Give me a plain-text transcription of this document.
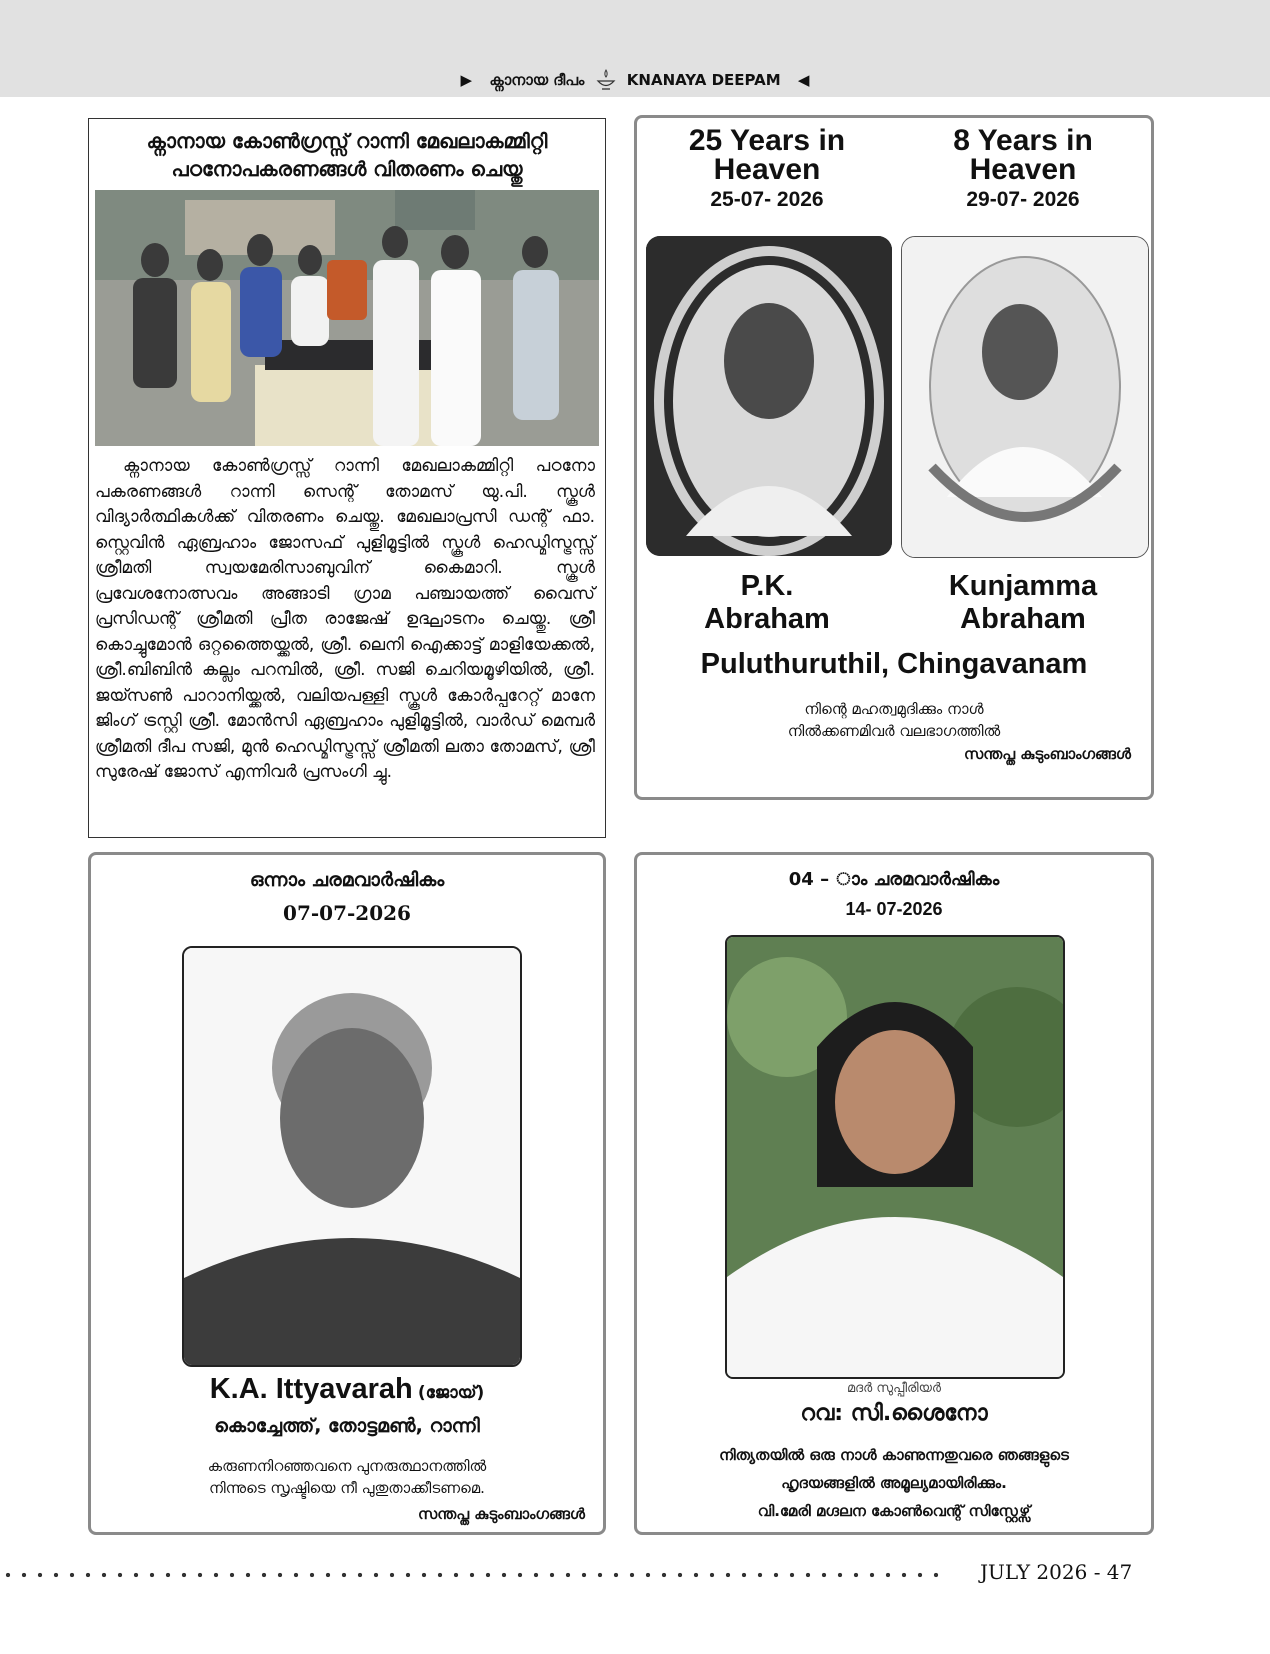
▶ ക്നാനായ ദീപം	KNANAYA DEEPAM ◀
ക്നാനായ കോൺഗ്രസ്സ് റാന്നി മേഖലാകമ്മിറ്റി
പഠനോപകരണങ്ങൾ വിതരണം ചെയ്തു

ക്നാനായ കോൺഗ്രസ്സ് റാന്നി മേഖലാകമ്മിറ്റി പഠനോ പകരണങ്ങൾ റാന്നി സെന്റ് തോമസ് യു.പി. സ്കൂൾ വിദ്യാർത്ഥികൾക്ക് വിതരണം ചെയ്തു. മേഖലാപ്രസി ഡന്റ് ഫാ. സ്റ്റെവിൻ ഏബ്രഹാം ജോസഫ് പുളിമൂട്ടിൽ സ്കൂൾ ഹെഡ്മിസ്ട്രസ്സ് ശ്രീമതി സ്വയമേരിസാബുവിന് കൈമാറി. സ്കൂൾ പ്രവേശനോത്സവം അങ്ങാടി ഗ്രാമ പഞ്ചായത്ത് വൈസ് പ്രസിഡന്റ് ശ്രീമതി പ്രീത രാജേഷ് ഉദ്ഘാടനം ചെയ്തു. ശ്രീ കൊച്ചുമോൻ ഒറ്റത്തൈയ്ക്കൽ, ശ്രീ. ലെനി ഐക്കാട്ട് മാളിയേക്കൽ, ശ്രീ.ബിബിൻ കല്ലം പറമ്പിൽ, ശ്രീ. സജി ചെറിയമൂഴിയിൽ, ശ്രീ. ജയ്സൺ പാറാനിയ്ക്കൽ, വലിയപള്ളി സ്കൂൾ കോർപ്പറേറ്റ് മാനേ ജിംഗ് ട്രസ്റ്റി ശ്രീ. മോൻസി ഏബ്രഹാം പുളിമൂട്ടിൽ, വാർഡ് മെമ്പർ ശ്രീമതി ദീപ സജി, മുൻ ഹെഡ്മിസ്ട്രസ്സ് ശ്രീമതി ലതാ തോമസ്, ശ്രീ സുരേഷ് ജോസ് എന്നിവർ പ്രസംഗി ച്ചു.

25 Years in
Heaven
25-07- 2026
8 Years in
Heaven
29-07- 2026
P.K.
Abraham
Kunjamma
Abraham
Puluthuruthil, Chingavanam
നിന്റെ മഹത്വമുദിക്കും നാൾ
നിൽക്കണമിവർ വലഭാഗത്തിൽ
സന്തപ്ത കുടുംബാംഗങ്ങൾ
ഒന്നാം ചരമവാർഷികം
07-07-2026
K.A. Ittyavarah (ജോയ്)
കൊച്ചേത്ത്, തോട്ടമൺ, റാന്നി
കരുണനിറഞ്ഞവനെ പുനരുത്ഥാനത്തിൽ
നിന്നുടെ സൃഷ്ടിയെ നീ പുതുതാക്കീടണമെ.
സന്തപ്ത കുടുംബാംഗങ്ങൾ
04 – ാം ചരമവാർഷികം
14- 07-2026
മദർ സുപ്പീരിയർ
റവ: സി.ശൈനോ
നിത്യതയിൽ ഒരു നാൾ കാണുന്നതുവരെ ഞങ്ങളുടെ
ഹൃദയങ്ങളിൽ അമൂല്യമായിരിക്കും.
വി.മേരി മഗ്ദലന കോൺവെന്റ് സിസ്റ്റേഴ്സ്
JULY 2026 - 47
